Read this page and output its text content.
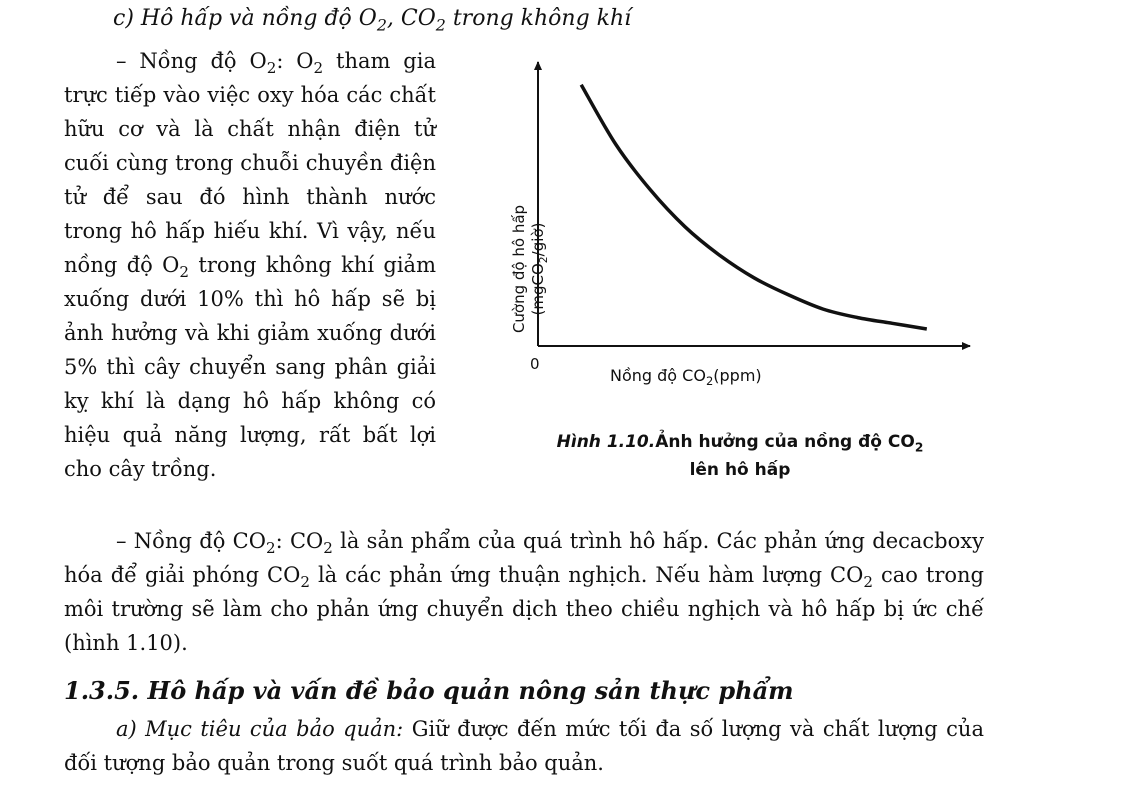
c) Hô hấp và nồng độ $O_2$, $CO_2$ trong không khí
– Nồng độ $O_2$: $O_2$ tham gia trực tiếp vào việc oxy hóa các chất hữu cơ và là chất nhận điện tử cuối cùng trong chuỗi chuyền điện tử để sau đó hình thành nước trong hô hấp hiếu khí. Vì vậy, nếu nồng độ $O_2$ trong không khí giảm xuống dưới 10% thì hô hấp sẽ bị ảnh hưởng và khi giảm xuống dưới 5% thì cây chuyển sang phân giải kỵ khí là dạng hô hấp không có hiệu quả năng lượng, rất bất lợi cho cây trồng.
Cường độ hô hấp (mgCO$_2$/giờ)
0
Nồng độ $CO_2(ppm)$
Hình 1.10.Ảnh hưởng của nồng độ $CO_2$
lên hô hấp
– Nồng độ $CO_2$: $CO_2$ là sản phẩm của quá trình hô hấp. Các phản ứng decacboxy hóa để giải phóng $CO_2$ là các phản ứng thuận nghịch. Nếu hàm lượng $CO_2$ cao trong môi trường sẽ làm cho phản ứng chuyển dịch theo chiều nghịch và hô hấp bị ức chế (hình 1.10).
1.3.5. Hô hấp và vấn đề bảo quản nông sản thực phẩm
a) Mục tiêu của bảo quản: Giữ được đến mức tối đa số lượng và chất lượng của đối tượng bảo quản trong suốt quá trình bảo quản.
